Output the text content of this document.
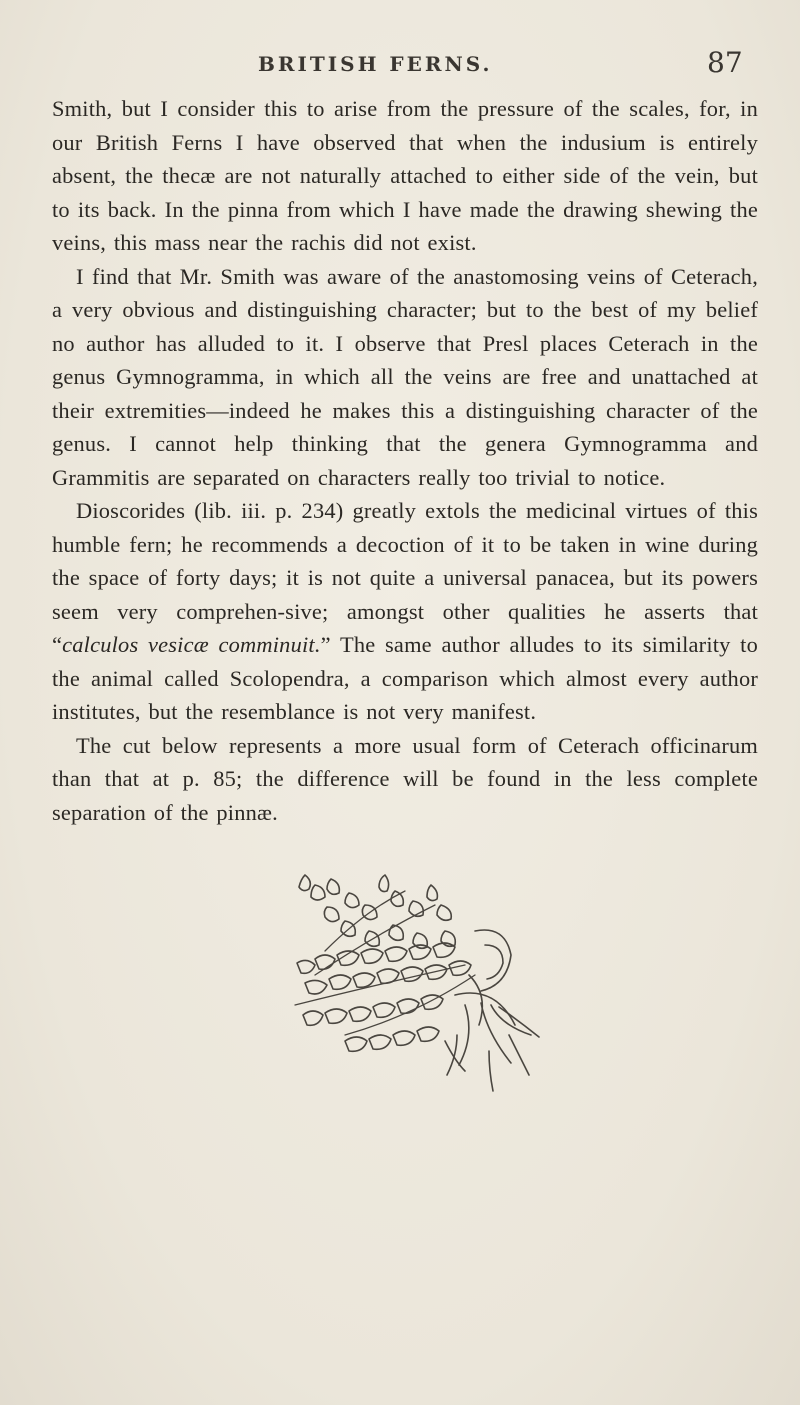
BRITISH FERNS.	87

Smith, but I consider this to arise from the pressure of the scales, for, in our British Ferns I have observed that when the indusium is entirely absent, the thecæ are not naturally attached to either side of the vein, but to its back. In the pinna from which I have made the drawing shewing the veins, this mass near the rachis did not exist.

I find that Mr. Smith was aware of the anastomosing veins of Ceterach, a very obvious and distinguishing character; but to the best of my belief no author has alluded to it. I observe that Presl places Ceterach in the genus Gymnogramma, in which all the veins are free and unattached at their extremities—indeed he makes this a distinguishing character of the genus. I cannot help thinking that the genera Gymnogramma and Grammitis are separated on characters really too trivial to notice.

Dioscorides (lib. iii. p. 234) greatly extols the medicinal virtues of this humble fern; he recommends a decoction of it to be taken in wine during the space of forty days; it is not quite a universal panacea, but its powers seem very comprehen-sive; amongst other qualities he asserts that “calculos vesicæ comminuit.” The same author alludes to its similarity to the animal called Scolopendra, a comparison which almost every author institutes, but the resemblance is not very manifest.

The cut below represents a more usual form of Ceterach officinarum than that at p. 85; the difference will be found in the less complete separation of the pinnæ.
